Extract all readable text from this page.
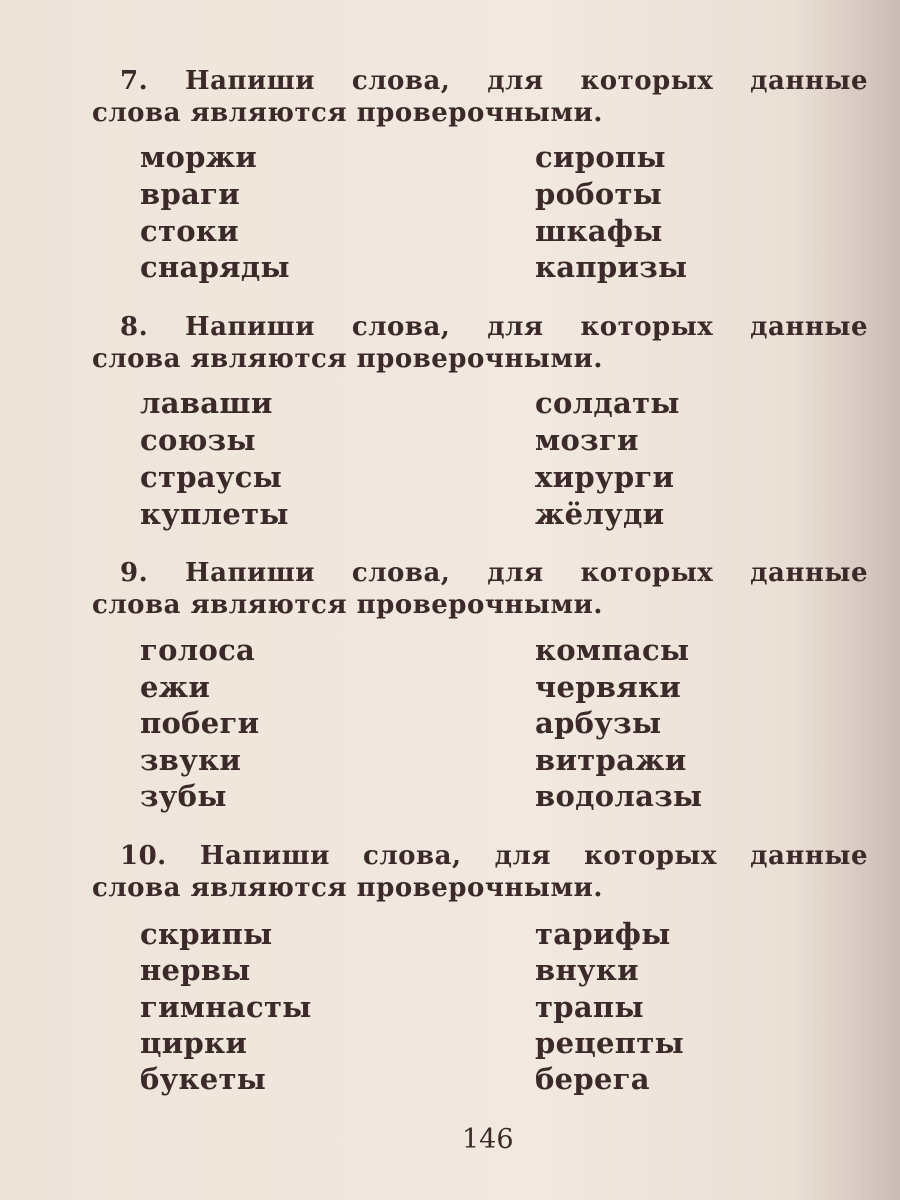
7. Напиши слова, для которых данные
слова являются проверочными.
моржи
враги
стоки
снаряды
сиропы
роботы
шкафы
капризы
8. Напиши слова, для которых данные
слова являются проверочными.
лаваши
союзы
страусы
куплеты
солдаты
мозги
хирурги
жёлуди
9. Напиши слова, для которых данные
слова являются проверочными.
голоса
ежи
побеги
звуки
зубы
компасы
червяки
арбузы
витражи
водолазы
10. Напиши слова, для которых данные
слова являются проверочными.
скрипы
нервы
гимнасты
цирки
букеты
тарифы
внуки
трапы
рецепты
берега
146
